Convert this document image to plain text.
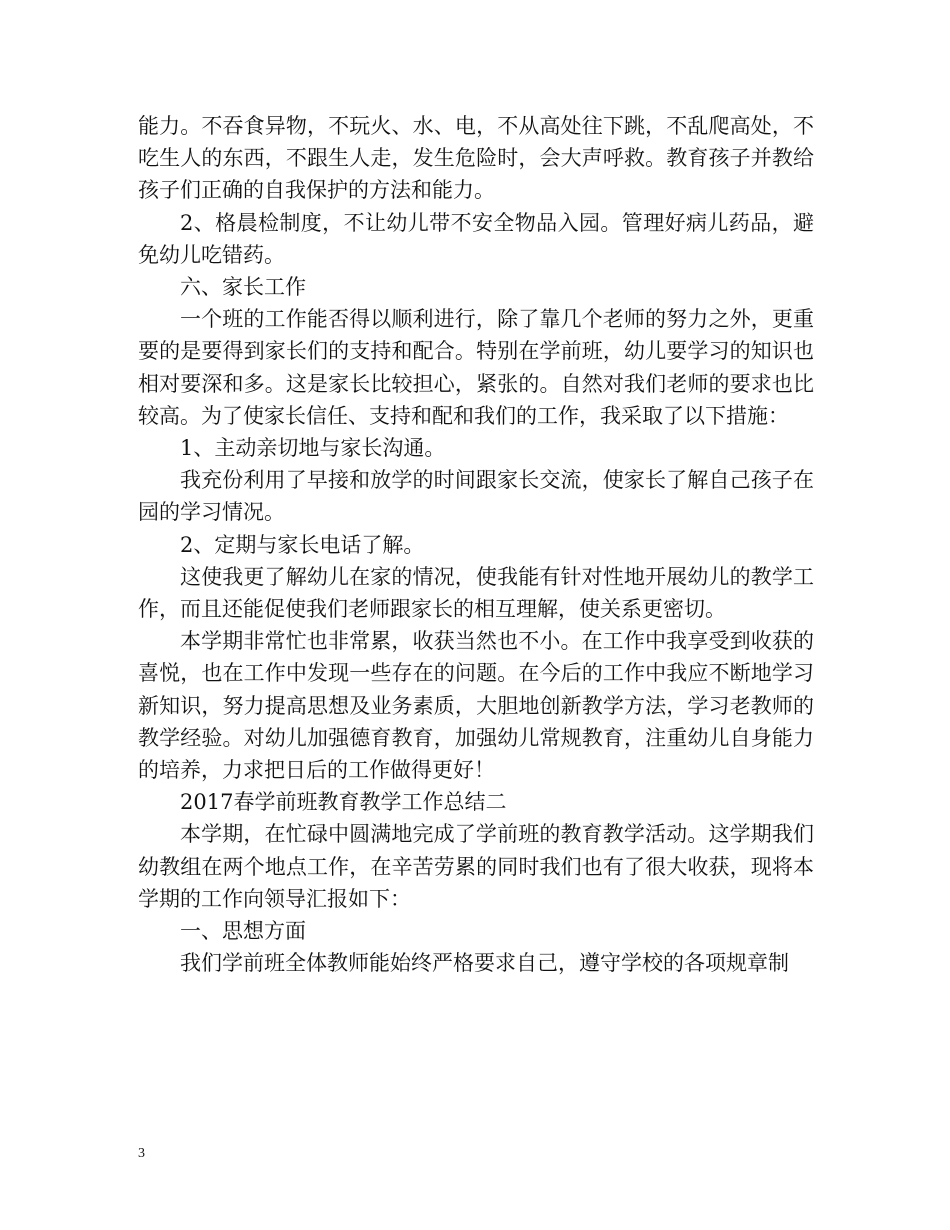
能力。不吞食异物，不玩火、水、电，不从高处往下跳，不乱爬高处，不吃生人的东西，不跟生人走，发生危险时，会大声呼救。教育孩子并教给孩子们正确的自我保护的方法和能力。

2、格晨检制度，不让幼儿带不安全物品入园。管理好病儿药品，避免幼儿吃错药。

六、家长工作

一个班的工作能否得以顺利进行，除了靠几个老师的努力之外，更重要的是要得到家长们的支持和配合。特别在学前班，幼儿要学习的知识也相对要深和多。这是家长比较担心，紧张的。自然对我们老师的要求也比较高。为了使家长信任、支持和配和我们的工作，我采取了以下措施：

1、主动亲切地与家长沟通。

我充份利用了早接和放学的时间跟家长交流，使家长了解自己孩子在园的学习情况。

2、定期与家长电话了解。

这使我更了解幼儿在家的情况，使我能有针对性地开展幼儿的教学工作，而且还能促使我们老师跟家长的相互理解，使关系更密切。

本学期非常忙也非常累，收获当然也不小。在工作中我享受到收获的喜悦，也在工作中发现一些存在的问题。在今后的工作中我应不断地学习新知识，努力提高思想及业务素质，大胆地创新教学方法，学习老教师的教学经验。对幼儿加强德育教育，加强幼儿常规教育，注重幼儿自身能力的培养，力求把日后的工作做得更好！

2017春学前班教育教学工作总结二

本学期，在忙碌中圆满地完成了学前班的教育教学活动。这学期我们幼教组在两个地点工作，在辛苦劳累的同时我们也有了很大收获，现将本学期的工作向领导汇报如下：

一、思想方面

我们学前班全体教师能始终严格要求自己，遵守学校的各项规章制

3
